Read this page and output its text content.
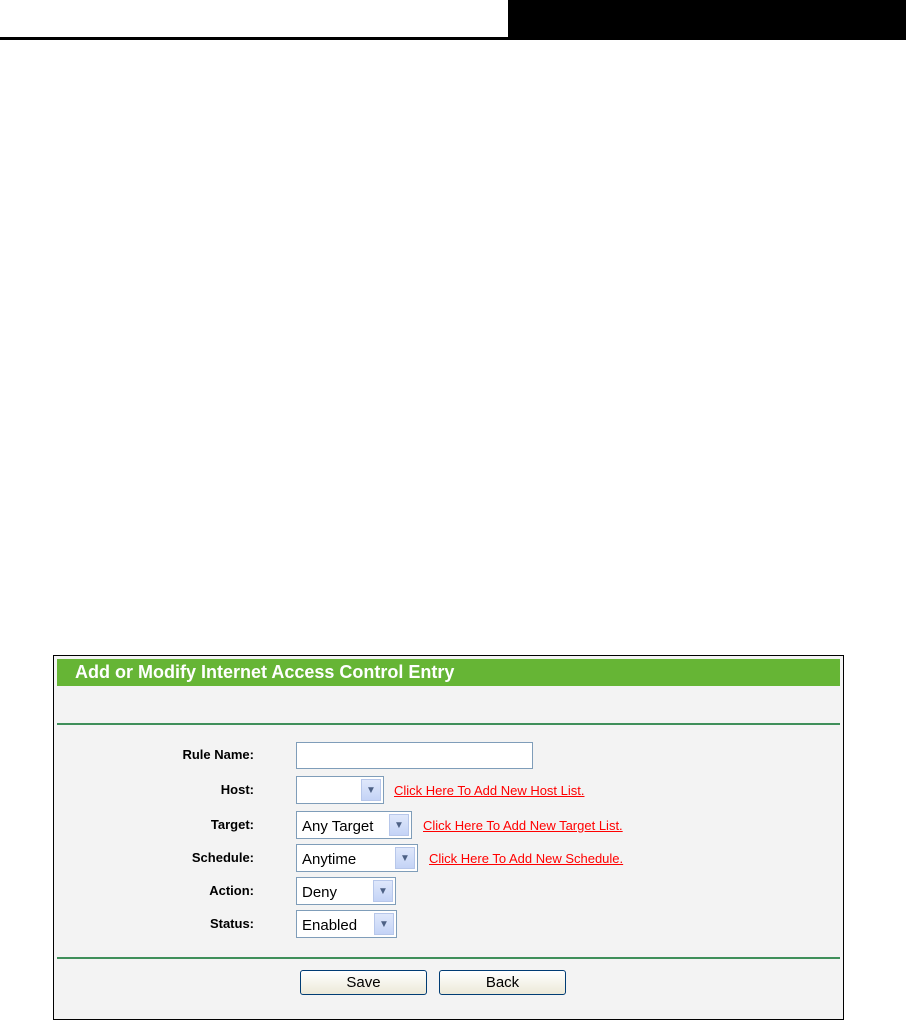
Add or Modify Internet Access Control Entry
Rule Name:
Host:	▼	Click Here To Add New Host List.
Target:	Any Target	▼	Click Here To Add New Target List.
Schedule:	Anytime	▼	Click Here To Add New Schedule.
Action:	Deny	▼
Status:	Enabled	▼
Save	Back
